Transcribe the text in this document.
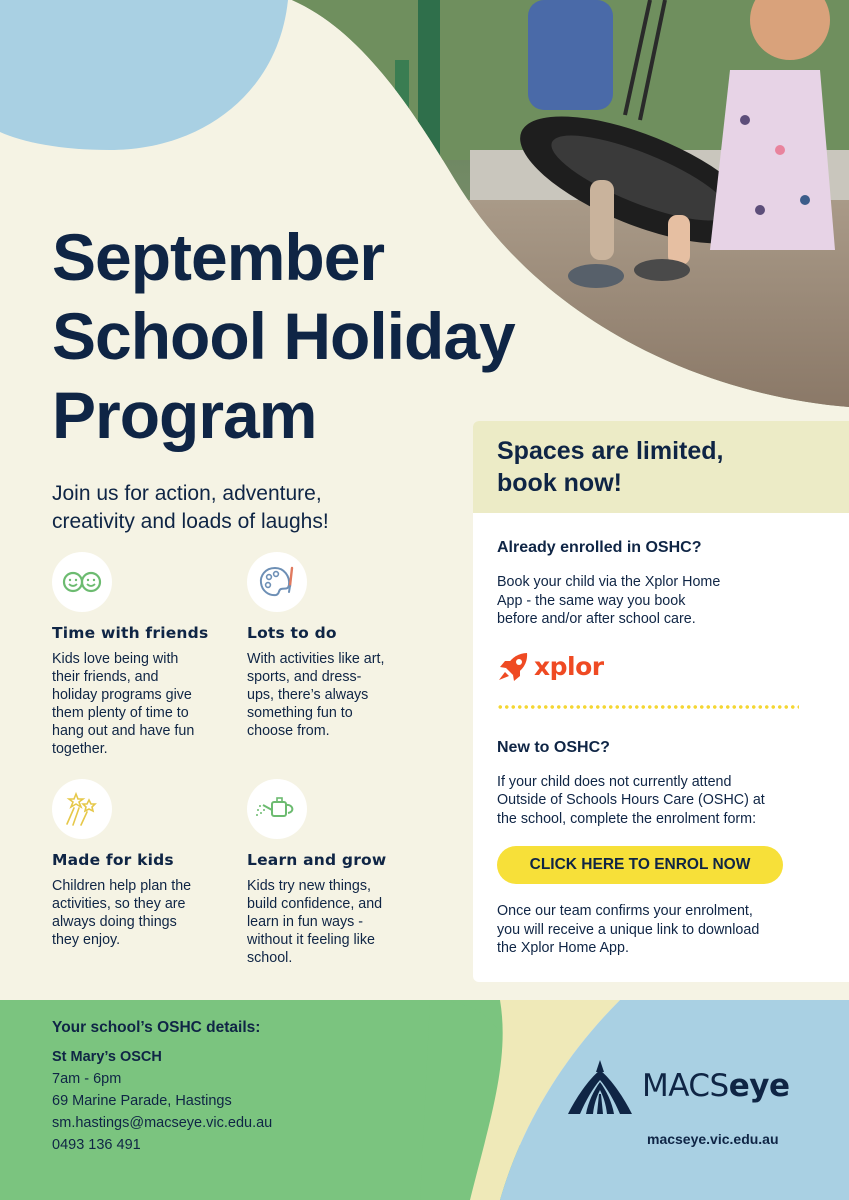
September
School Holiday
Program
Join us for action, adventure,
creativity and loads of laughs!
Time with friends

Kids love being with
their friends, and
holiday programs give
them plenty of time to
hang out and have fun
together.

Lots to do

With activities like art,
sports, and dress-
ups, there’s always
something fun to
choose from.

Made for kids

Children help plan the
activities, so they are
always doing things
they enjoy.

Learn and grow

Kids try new things,
build confidence, and
learn in fun ways -
without it feeling like
school.

Spaces are limited,
book now!
Already enrolled in OSHC?

Book your child via the Xplor Home
App - the same way you book
before and/or after school care.

xplor
New to OSHC?

If your child does not currently attend
Outside of Schools Hours Care (OSHC) at
the school, complete the enrolment form:

CLICK HERE TO ENROL NOW

Once our team confirms your enrolment,
you will receive a unique link to download
the Xplor Home App.

Your school’s OSHC details:
St Mary’s OSCH
7am - 6pm
69 Marine Parade, Hastings
sm.hastings@macseye.vic.edu.au
0493 136 491
MACSeye
macseye.vic.edu.au
